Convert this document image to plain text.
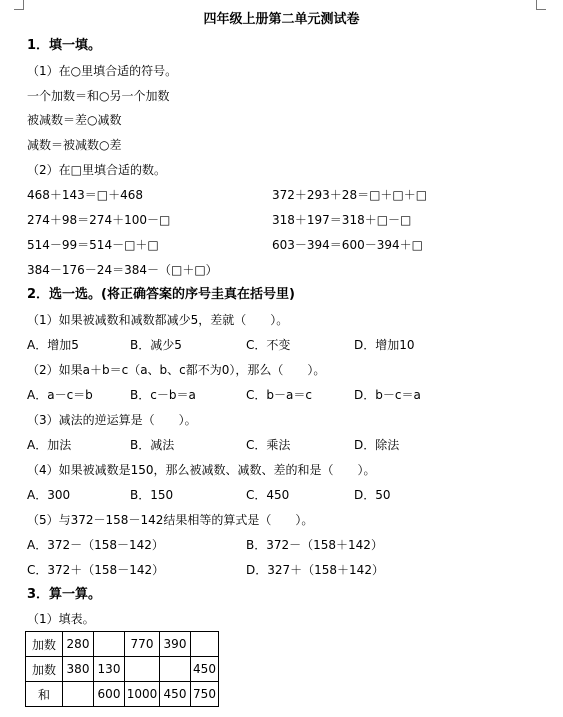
四年级上册第二单元测试卷
1．填一填。
（1）在○里填合适的符号。
一个加数＝和○另一个加数
被减数＝差○减数
减数＝被减数○差
（2）在□里填合适的数。
468＋143＝□＋468	372＋293＋28＝□＋□＋□
274＋98＝274＋100－□	318＋197＝318＋□－□
514－99＝514－□＋□	603－394＝600－394＋□
384－176－24＝384－（□＋□）
2．选一选。(将正确答案的序号圭真在括号里)
（1）如果被减数和减数都减少5，差就（　　）。
A．增加5	B．减少5	C．不变	D．增加10
（2）如果a＋b＝c（a、b、c都不为0），那么（　　）。
A．a－c＝b	B．c－b＝a	C．b－a＝c	D．b－c＝a
（3）减法的逆运算是（　　）。
A．加法	B．减法	C．乘法	D．除法
（4）如果被减数是150，那么被减数、减数、差的和是（　　）。
A．300	B．150	C．450	D．50
（5）与372－158－142结果相等的算式是（　　）。
A．372－（158－142）	B．372－（158＋142）
C．372＋（158－142）	D．327＋（158＋142）
3．算一算。
（1）填表。
加数	280		770	390	
加数	380	130			450
和		600	1000	450	750
